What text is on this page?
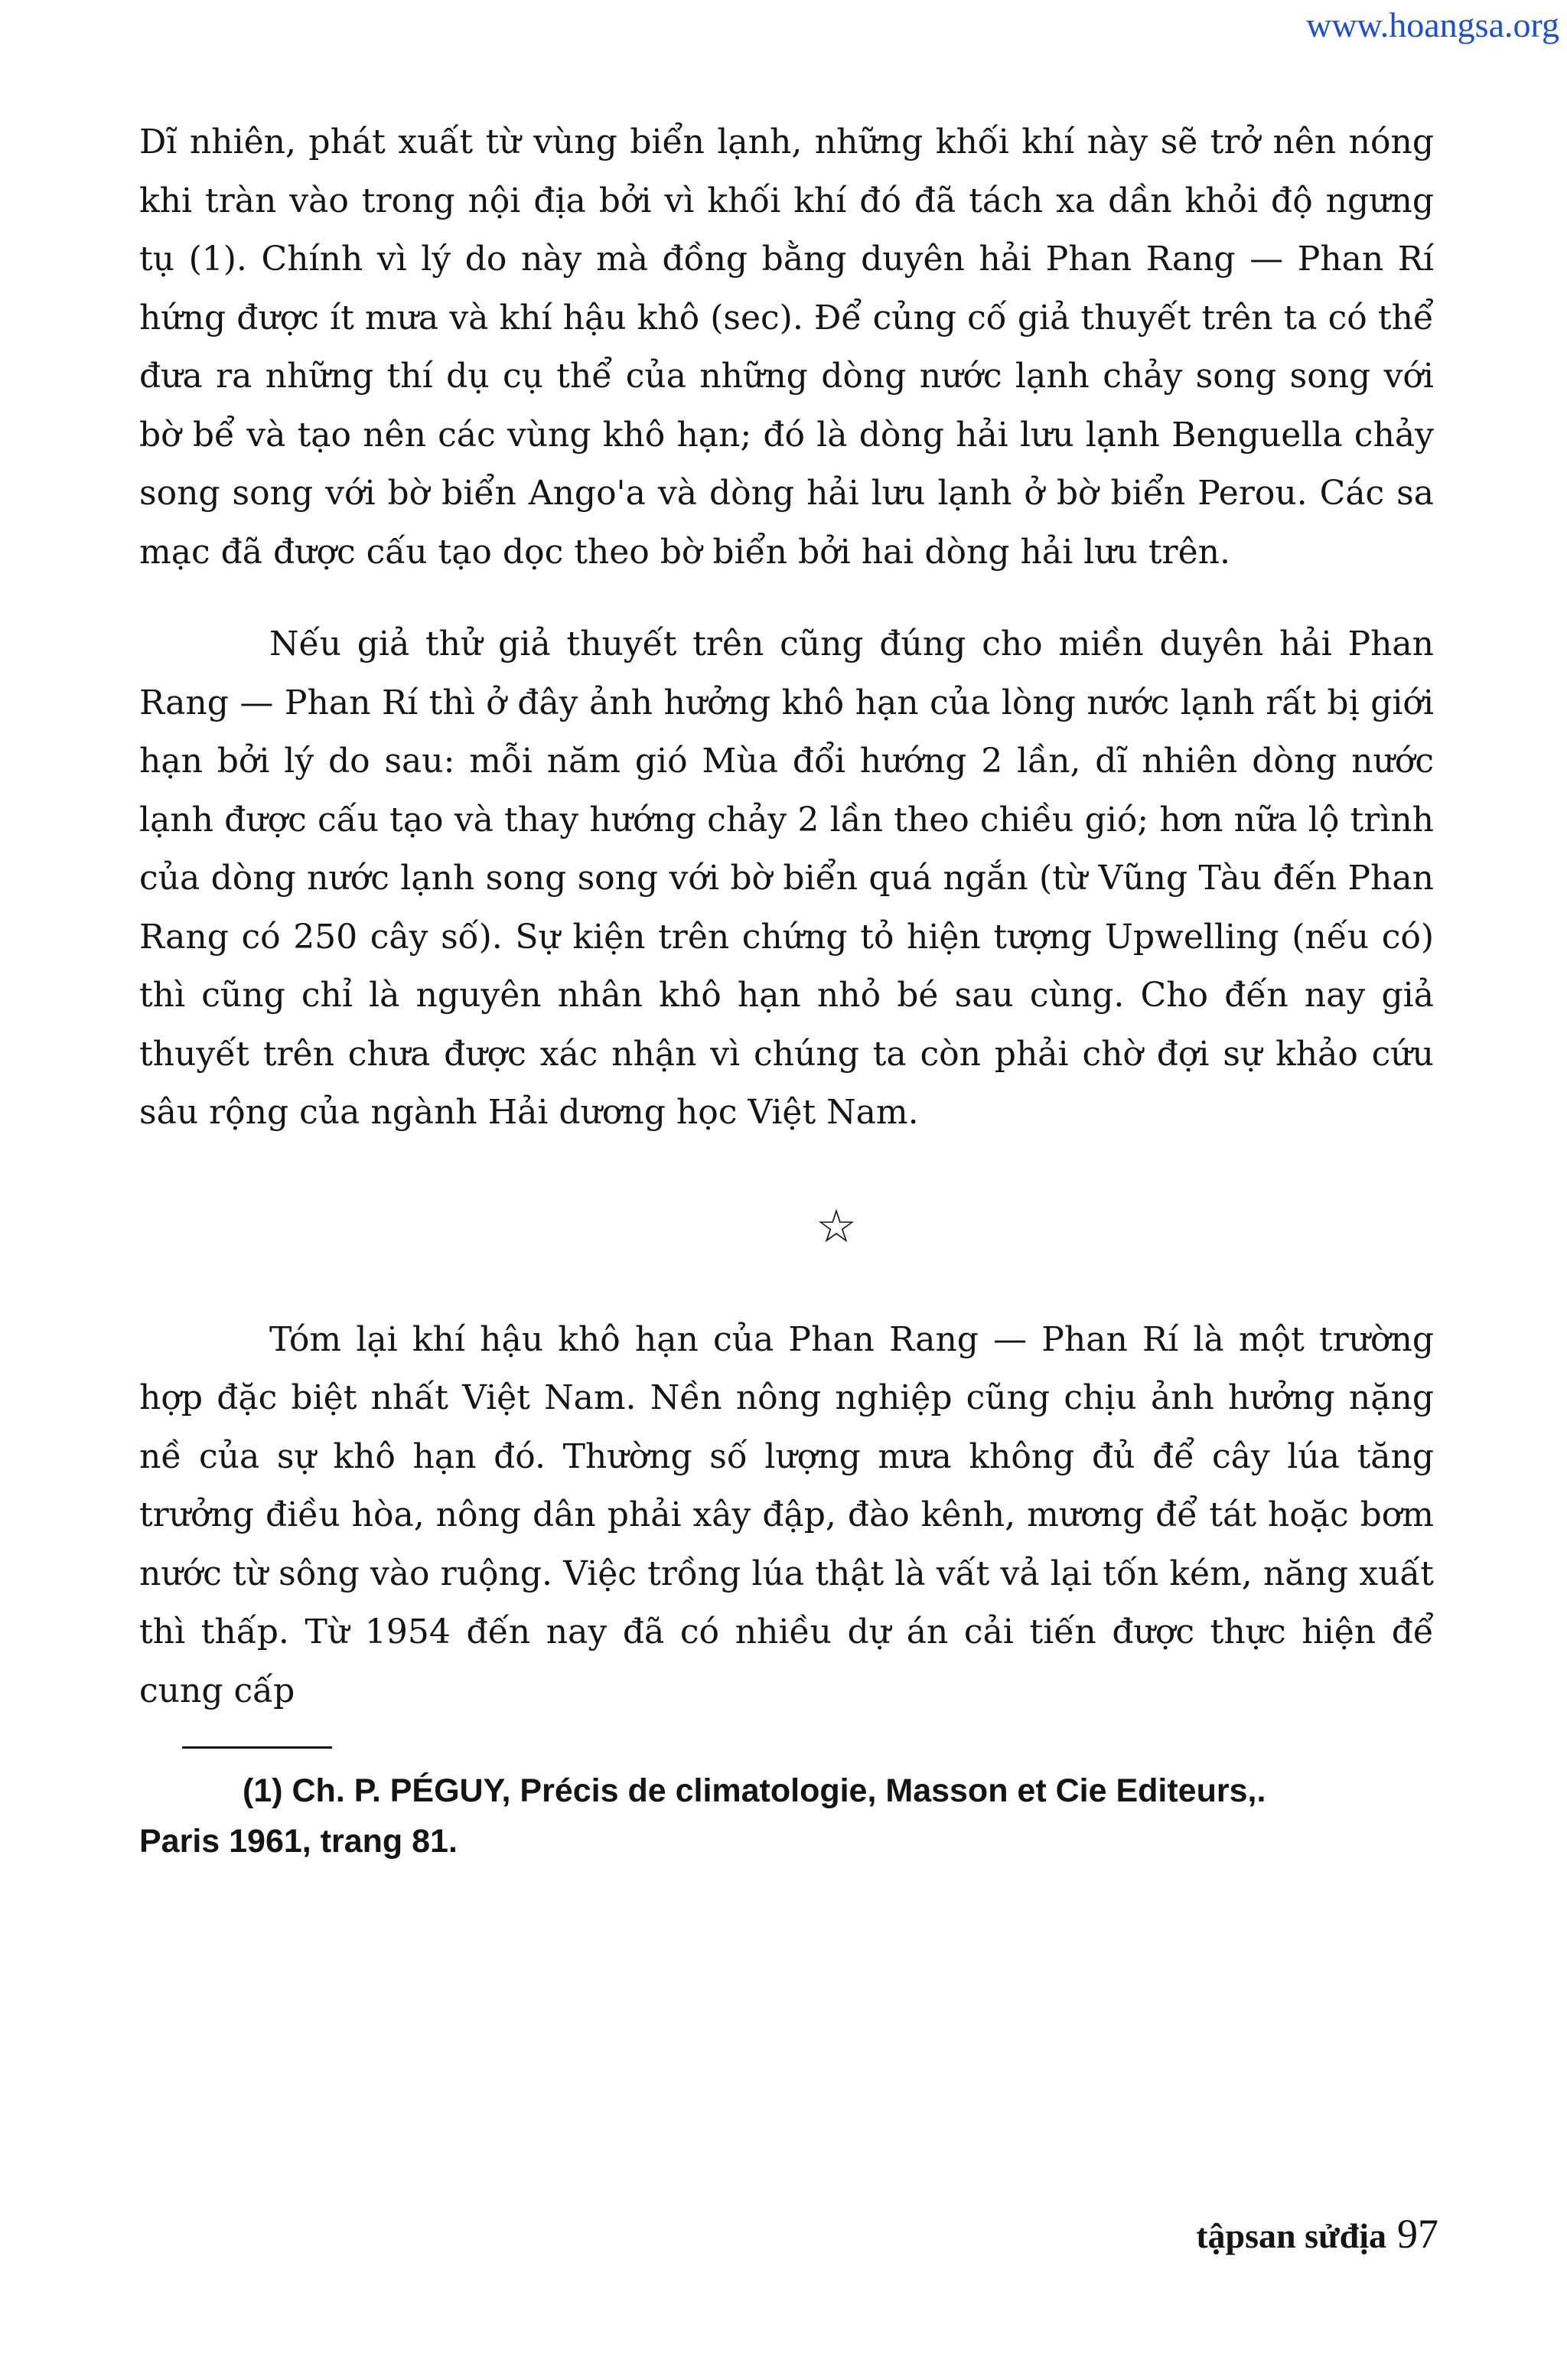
www.hoangsa.org

Dĩ nhiên, phát xuất từ vùng biển lạnh, những khối khí này sẽ trở nên nóng khi tràn vào trong nội địa bởi vì khối khí đó đã tách xa dần khỏi độ ngưng tụ (1). Chính vì lý do này mà đồng bằng duyên hải Phan Rang — Phan Rí hứng được ít mưa và khí hậu khô (sec). Để củng cố giả thuyết trên ta có thể đưa ra những thí dụ cụ thể của những dòng nước lạnh chảy song song với bờ bể và tạo nên các vùng khô hạn; đó là dòng hải lưu lạnh Benguella chảy song song với bờ biển Ango'a và dòng hải lưu lạnh ở bờ biển Perou. Các sa mạc đã được cấu tạo dọc theo bờ biển bởi hai dòng hải lưu trên.

Nếu giả thử giả thuyết trên cũng đúng cho miền duyên hải Phan Rang — Phan Rí thì ở đây ảnh hưởng khô hạn của lòng nước lạnh rất bị giới hạn bởi lý do sau: mỗi năm gió Mùa đổi hướng 2 lần, dĩ nhiên dòng nước lạnh được cấu tạo và thay hướng chảy 2 lần theo chiều gió; hơn nữa lộ trình của dòng nước lạnh song song với bờ biển quá ngắn (từ Vũng Tàu đến Phan Rang có 250 cây số). Sự kiện trên chứng tỏ hiện tượng Upwelling (nếu có) thì cũng chỉ là nguyên nhân khô hạn nhỏ bé sau cùng. Cho đến nay giả thuyết trên chưa được xác nhận vì chúng ta còn phải chờ đợi sự khảo cứu sâu rộng của ngành Hải dương học Việt Nam.

☆

Tóm lại khí hậu khô hạn của Phan Rang — Phan Rí là một trường hợp đặc biệt nhất Việt Nam. Nền nông nghiệp cũng chịu ảnh hưởng nặng nề của sự khô hạn đó. Thường số lượng mưa không đủ để cây lúa tăng trưởng điều hòa, nông dân phải xây đập, đào kênh, mương để tát hoặc bơm nước từ sông vào ruộng. Việc trồng lúa thật là vất vả lại tốn kém, năng xuất thì thấp. Từ 1954 đến nay đã có nhiều dự án cải tiến được thực hiện để cung cấp

(1) Ch. P. PÉGUY, Précis de climatologie, Masson et Cie Editeurs,.
Paris 1961, trang 81.

tậpsan sửđịa 97
